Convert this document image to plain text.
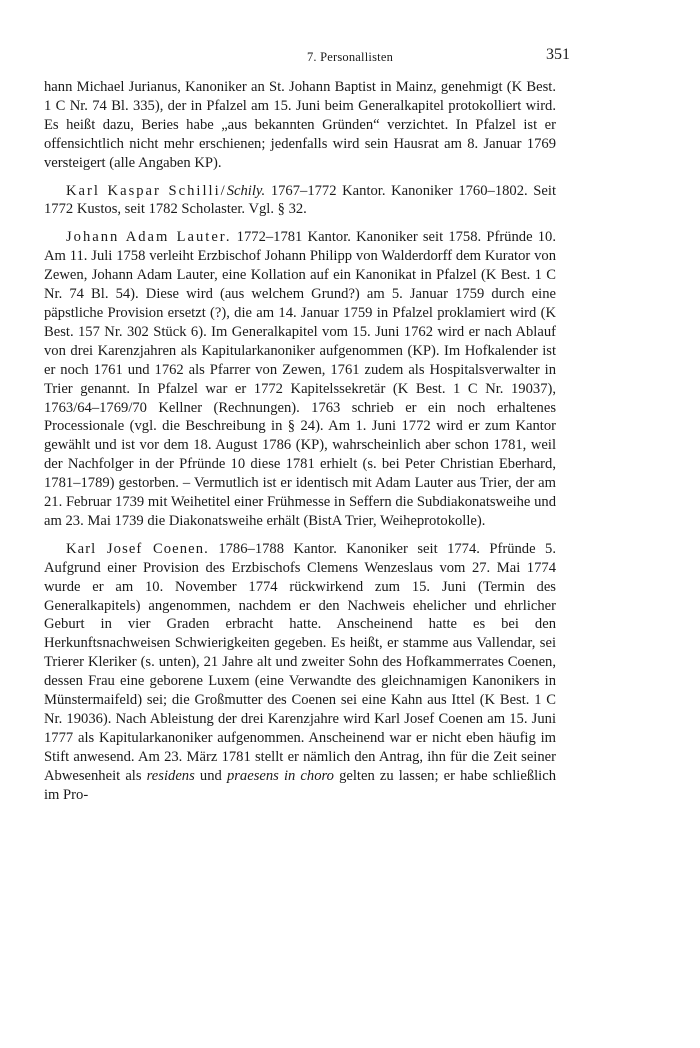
7. Personallisten	351

hann Michael Jurianus, Kanoniker an St. Johann Baptist in Mainz, genehmigt (K Best. 1 C Nr. 74 Bl. 335), der in Pfalzel am 15. Juni beim Generalkapitel protokolliert wird. Es heißt dazu, Beries habe „aus bekannten Gründen“ verzichtet. In Pfalzel ist er offensichtlich nicht mehr erschienen; jedenfalls wird sein Hausrat am 8. Januar 1769 versteigert (alle Angaben KP).

Karl Kaspar Schilli/Schily. 1767–1772 Kantor. Kanoniker 1760–1802. Seit 1772 Kustos, seit 1782 Scholaster. Vgl. § 32.

Johann Adam Lauter. 1772–1781 Kantor. Kanoniker seit 1758. Pfründe 10. Am 11. Juli 1758 verleiht Erzbischof Johann Philipp von Walderdorff dem Kurator von Zewen, Johann Adam Lauter, eine Kollation auf ein Kanonikat in Pfalzel (K Best. 1 C Nr. 74 Bl. 54). Diese wird (aus welchem Grund?) am 5. Januar 1759 durch eine päpstliche Provision ersetzt (?), die am 14. Januar 1759 in Pfalzel proklamiert wird (K Best. 157 Nr. 302 Stück 6). Im Generalkapitel vom 15. Juni 1762 wird er nach Ablauf von drei Karenzjahren als Kapitularkanoniker aufgenommen (KP). Im Hofkalender ist er noch 1761 und 1762 als Pfarrer von Zewen, 1761 zudem als Hospitalsverwalter in Trier genannt. In Pfalzel war er 1772 Kapitelssekretär (K Best. 1 C Nr. 19037), 1763/64–1769/70 Kellner (Rechnungen). 1763 schrieb er ein noch erhaltenes Processionale (vgl. die Beschreibung in § 24). Am 1. Juni 1772 wird er zum Kantor gewählt und ist vor dem 18. August 1786 (KP), wahrscheinlich aber schon 1781, weil der Nachfolger in der Pfründe 10 diese 1781 erhielt (s. bei Peter Christian Eberhard, 1781–1789) gestorben. – Vermutlich ist er identisch mit Adam Lauter aus Trier, der am 21. Februar 1739 mit Weihetitel einer Frühmesse in Seffern die Subdiakonatsweihe und am 23. Mai 1739 die Diakonatsweihe erhält (BistA Trier, Weiheprotokolle).

Karl Josef Coenen. 1786–1788 Kantor. Kanoniker seit 1774. Pfründe 5. Aufgrund einer Provision des Erzbischofs Clemens Wenzeslaus vom 27. Mai 1774 wurde er am 10. November 1774 rückwirkend zum 15. Juni (Termin des Generalkapitels) angenommen, nachdem er den Nachweis ehelicher und ehrlicher Geburt in vier Graden erbracht hatte. Anscheinend hatte es bei den Herkunftsnachweisen Schwierigkeiten gegeben. Es heißt, er stamme aus Vallendar, sei Trierer Kleriker (s. unten), 21 Jahre alt und zweiter Sohn des Hofkammerrates Coenen, dessen Frau eine geborene Luxem (eine Verwandte des gleichnamigen Kanonikers in Münstermaifeld) sei; die Großmutter des Coenen sei eine Kahn aus Ittel (K Best. 1 C Nr. 19036). Nach Ableistung der drei Karenzjahre wird Karl Josef Coenen am 15. Juni 1777 als Kapitularkanoniker aufgenommen. Anscheinend war er nicht eben häufig im Stift anwesend. Am 23. März 1781 stellt er nämlich den Antrag, ihn für die Zeit seiner Abwesenheit als residens und praesens in choro gelten zu lassen; er habe schließlich im Pro-
